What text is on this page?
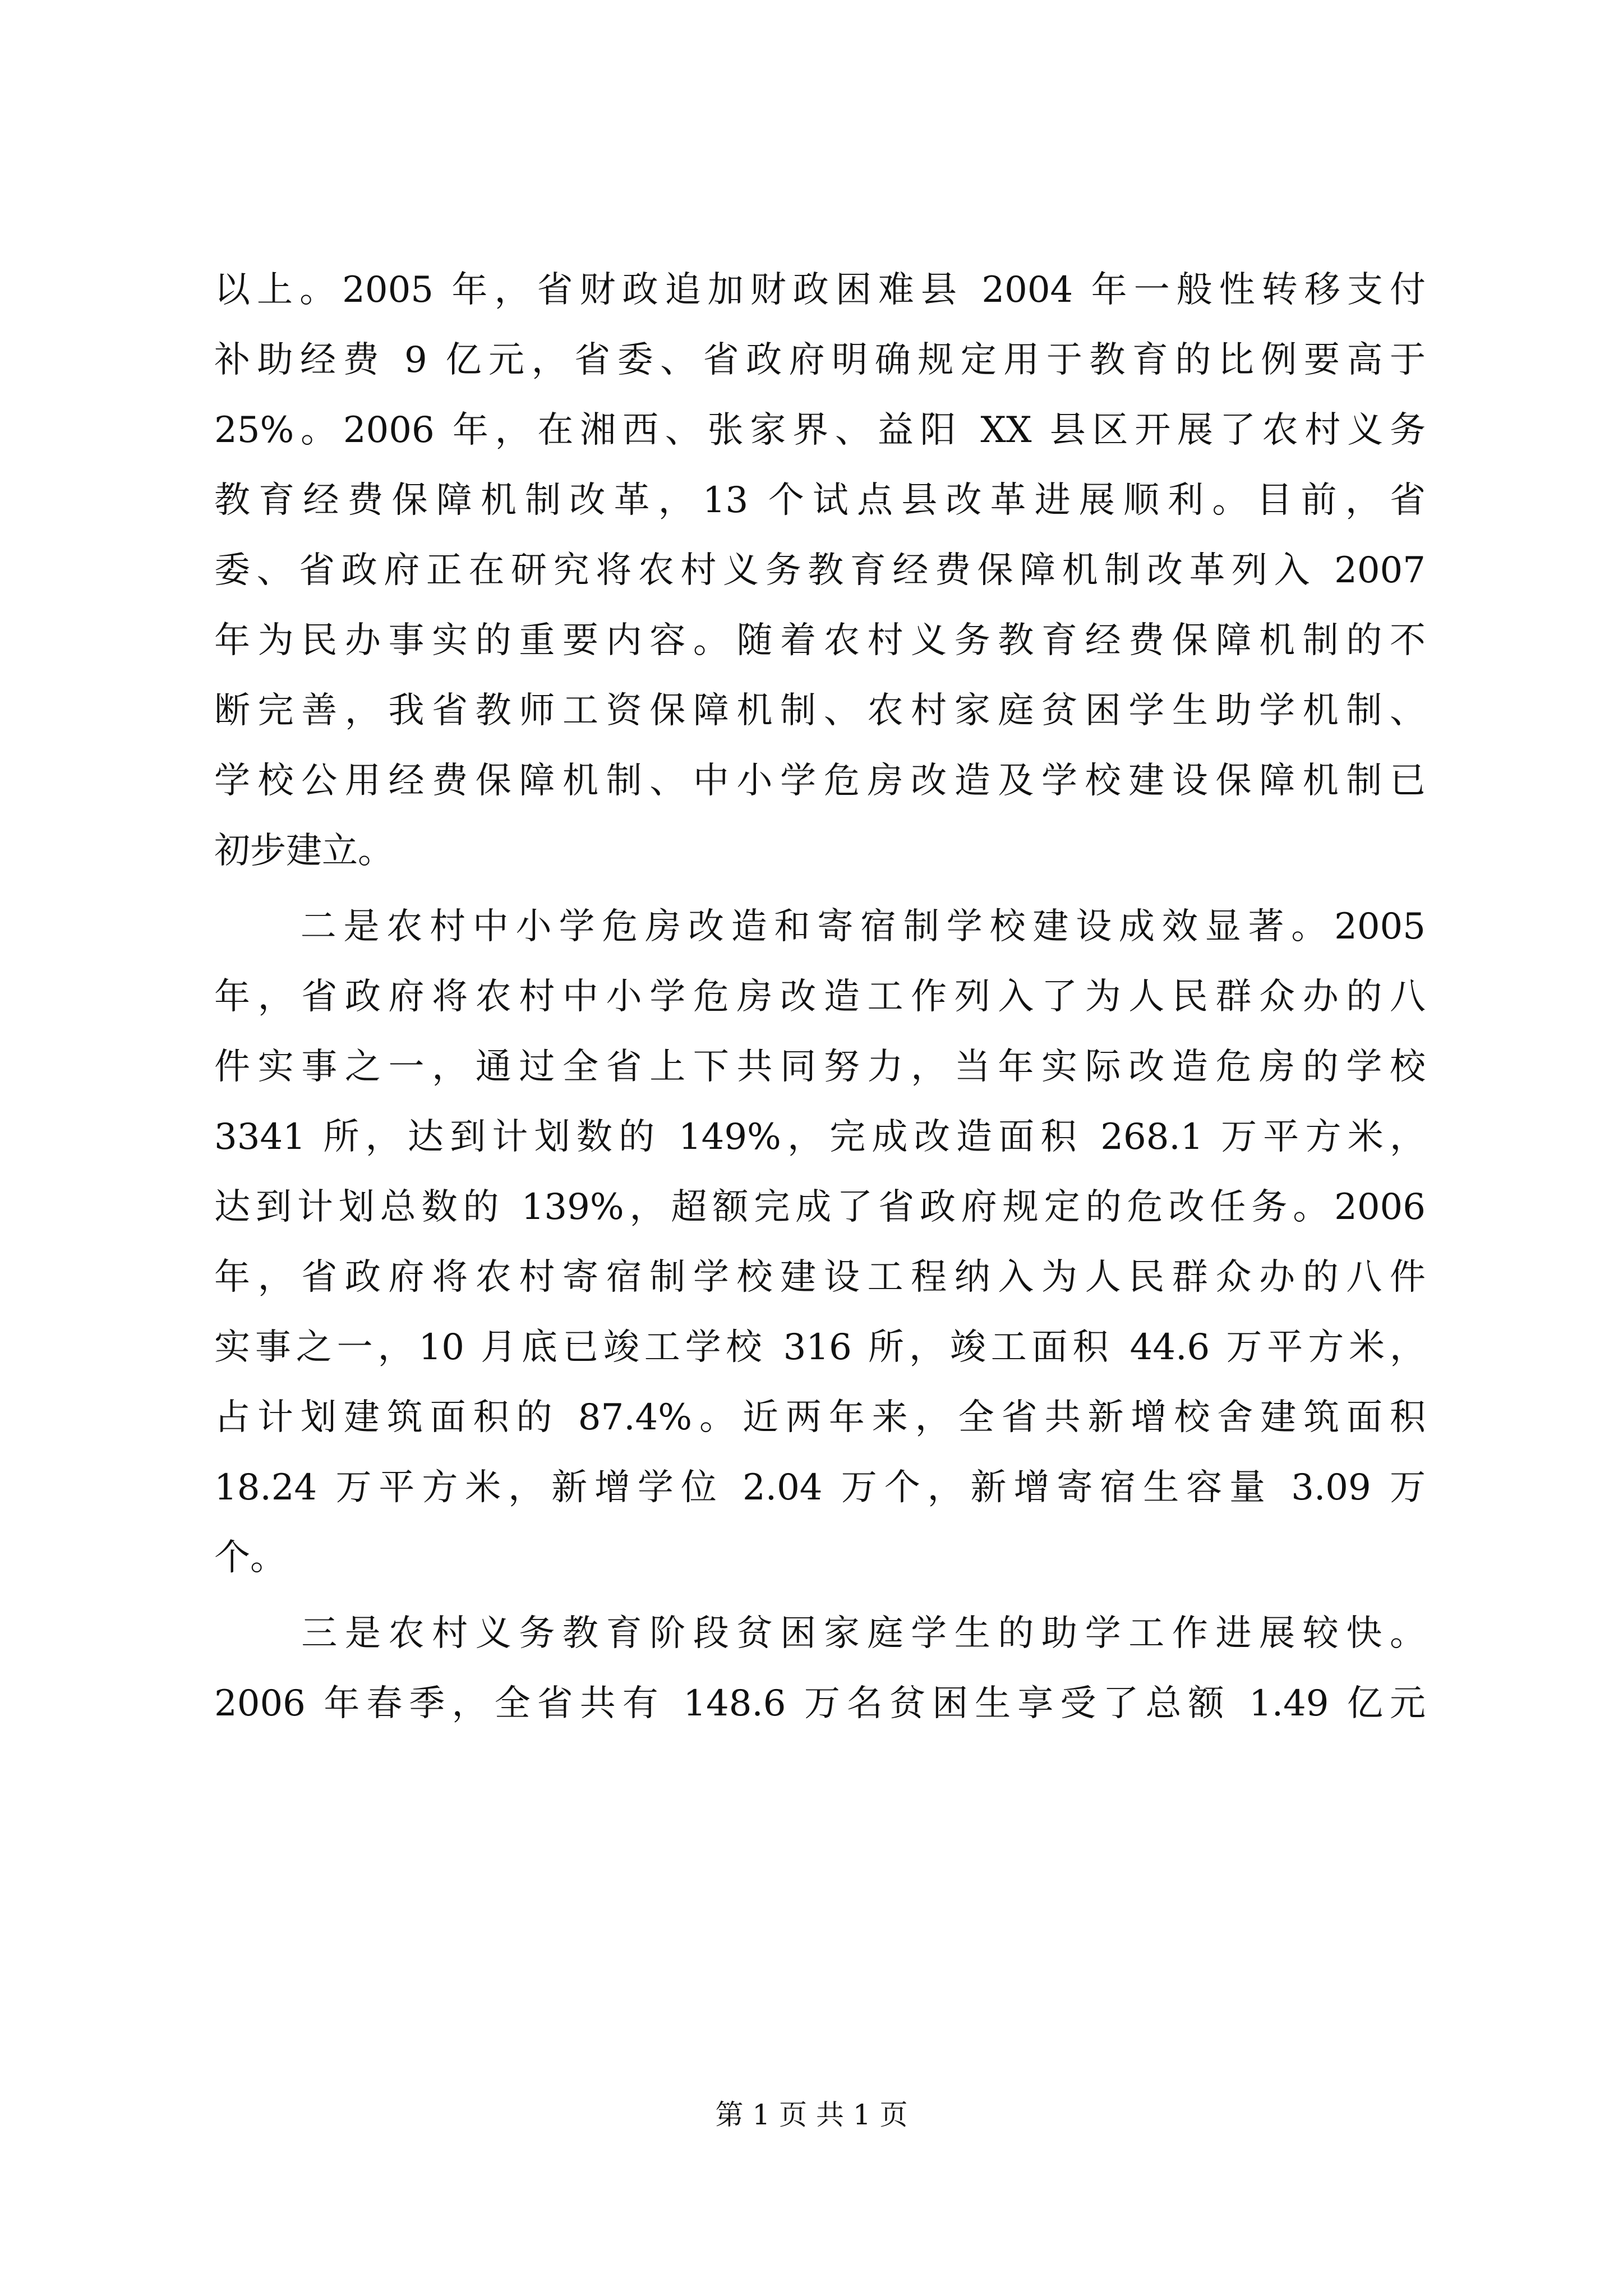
以上。2005 年，省财政追加财政困难县 2004 年一般性转移支付
补助经费 9 亿元，省委、省政府明确规定用于教育的比例要高于
25%。2006 年，在湘西、张家界、益阳 XX 县区开展了农村义务
教育经费保障机制改革，13 个试点县改革进展顺利。目前，省
委、省政府正在研究将农村义务教育经费保障机制改革列入 2007
年为民办事实的重要内容。随着农村义务教育经费保障机制的不
断完善，我省教师工资保障机制、农村家庭贫困学生助学机制、
学校公用经费保障机制、中小学危房改造及学校建设保障机制已
初步建立。
　　二是农村中小学危房改造和寄宿制学校建设成效显著。2005
年，省政府将农村中小学危房改造工作列入了为人民群众办的八
件实事之一，通过全省上下共同努力，当年实际改造危房的学校
3341 所，达到计划数的 149%，完成改造面积 268.1 万平方米，
达到计划总数的 139%，超额完成了省政府规定的危改任务。2006
年，省政府将农村寄宿制学校建设工程纳入为人民群众办的八件
实事之一，10 月底已竣工学校 316 所，竣工面积 44.6 万平方米，
占计划建筑面积的 87.4%。近两年来，全省共新增校舍建筑面积
18.24 万平方米，新增学位 2.04 万个，新增寄宿生容量 3.09 万
个。
　　三是农村义务教育阶段贫困家庭学生的助学工作进展较快。
2006 年春季，全省共有 148.6 万名贫困生享受了总额 1.49 亿元
第 1 页 共 1 页
